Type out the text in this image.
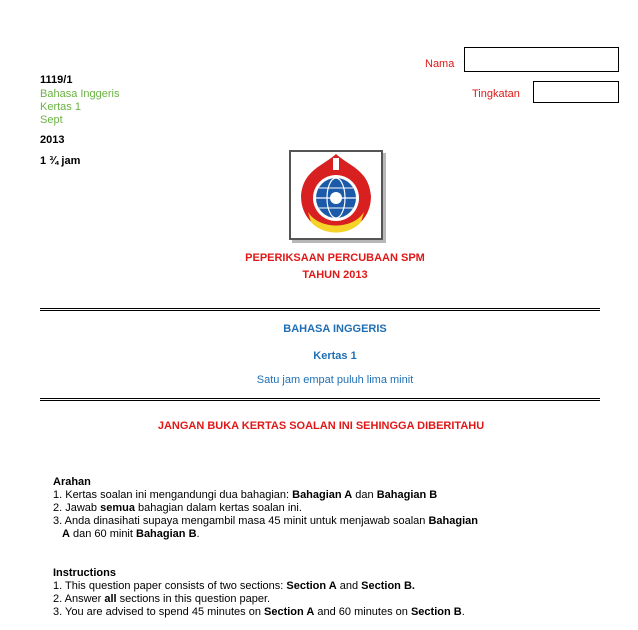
Nama
Tingkatan
1119/1
Bahasa Inggeris
Kertas 1
Sept
2013
1 ¾ jam
PEPERIKSAAN PERCUBAAN SPM
TAHUN 2013
BAHASA INGGERIS
Kertas 1
Satu jam empat puluh lima minit
JANGAN BUKA KERTAS SOALAN INI SEHINGGA DIBERITAHU
Arahan
1. Kertas soalan ini mengandungi dua bahagian: Bahagian A dan Bahagian B
2. Jawab semua bahagian dalam kertas soalan ini.
3. Anda dinasihati supaya mengambil masa 45 minit untuk menjawab soalan Bahagian
A dan 60 minit Bahagian B.
Instructions
1. This question paper consists of two sections: Section A and Section B.
2. Answer all sections in this question paper.
3. You are advised to spend 45 minutes on Section A and 60 minutes on Section B.
